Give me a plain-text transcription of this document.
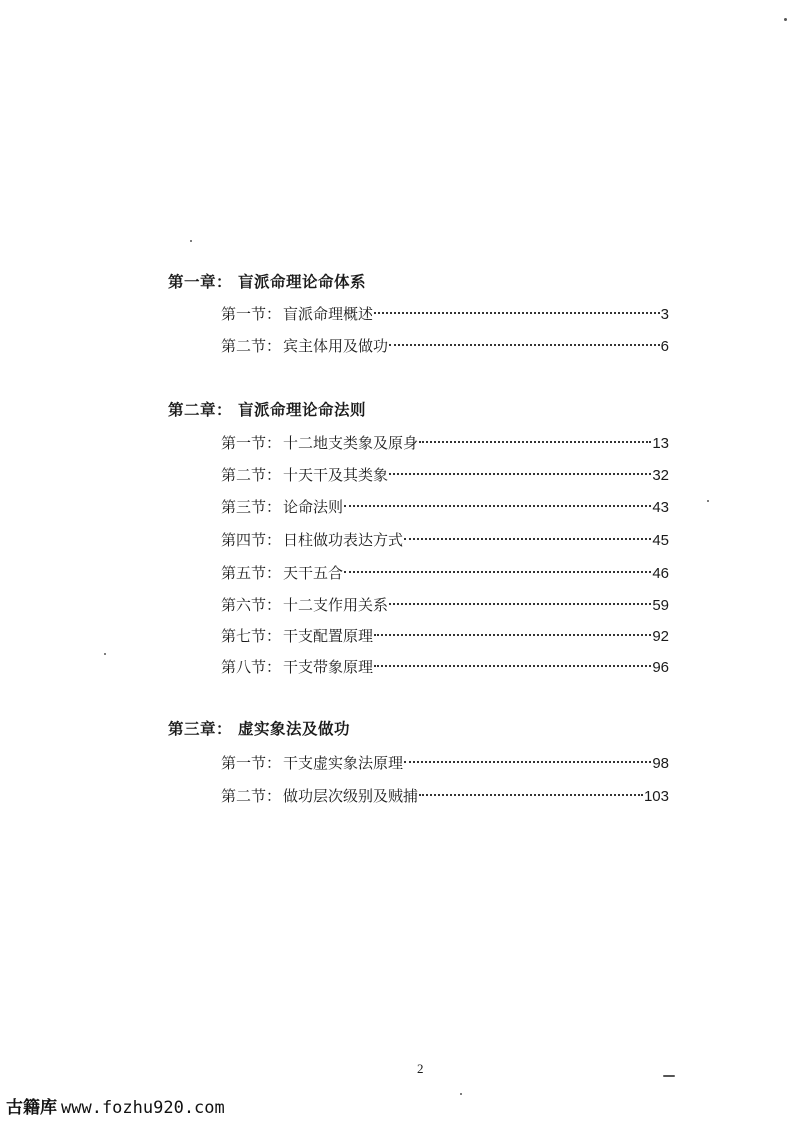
第一章： 盲派命理论命体系
第一节： 盲派命理概述	3
第二节： 宾主体用及做功	6
第二章： 盲派命理论命法则
第一节： 十二地支类象及原身	13
第二节： 十天干及其类象	32
第三节： 论命法则	43
第四节： 日柱做功表达方式	45
第五节： 天干五合	46
第六节： 十二支作用关系	59
第七节： 干支配置原理	92
第八节： 干支带象原理	96
第三章： 虚实象法及做功
第一节： 干支虚实象法原理	98
第二节： 做功层次级别及贼捕	103
2
古籍库 www.fozhu920.com
